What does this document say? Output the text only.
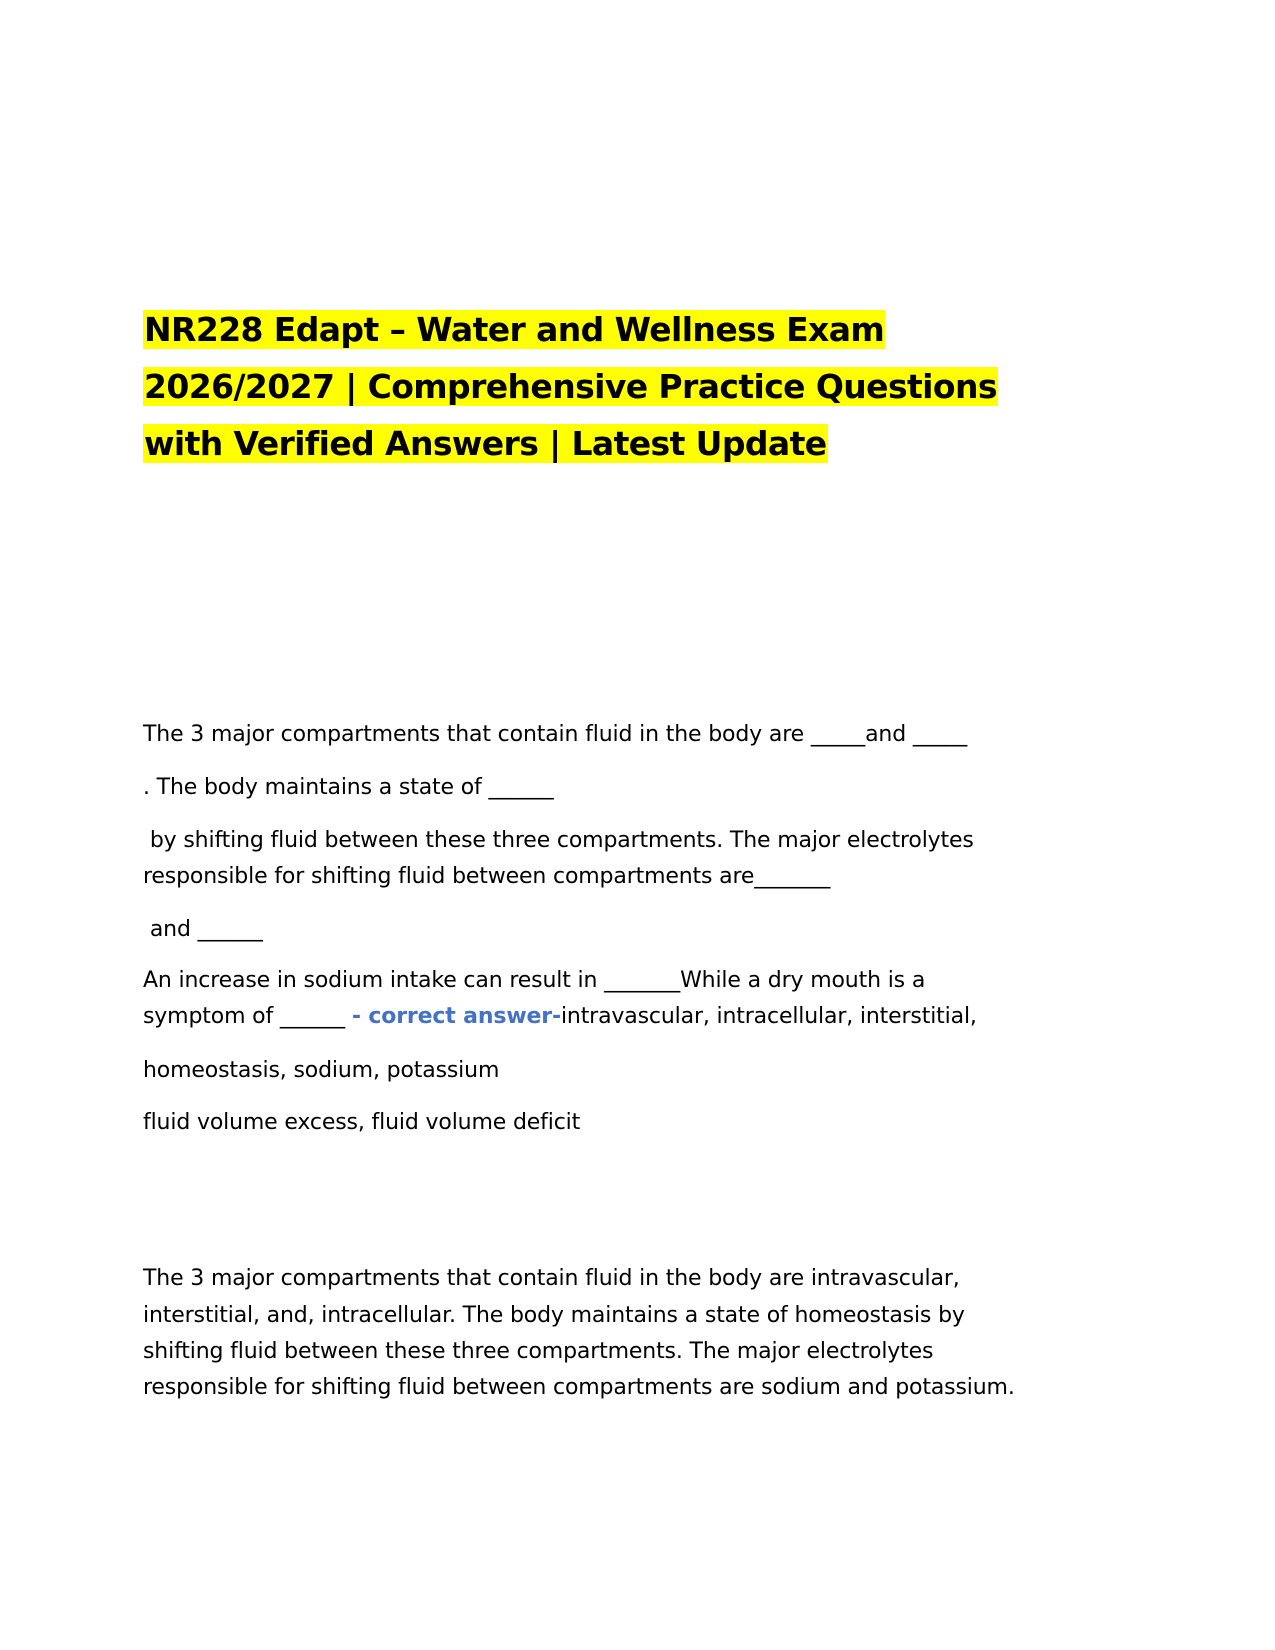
NR228 Edapt – Water and Wellness Exam
2026/2027 | Comprehensive Practice Questions
with Verified Answers | Latest Update

The 3 major compartments that contain fluid in the body are _____and _____

. The body maintains a state of ______

by shifting fluid between these three compartments. The major electrolytes

responsible for shifting fluid between compartments are_______

and ______

An increase in sodium intake can result in _______While a dry mouth is a

symptom of ______ - correct answer-intravascular, intracellular, interstitial,

homeostasis, sodium, potassium

fluid volume excess, fluid volume deficit

The 3 major compartments that contain fluid in the body are intravascular,

interstitial, and, intracellular. The body maintains a state of homeostasis by

shifting fluid between these three compartments. The major electrolytes

responsible for shifting fluid between compartments are sodium and potassium.
